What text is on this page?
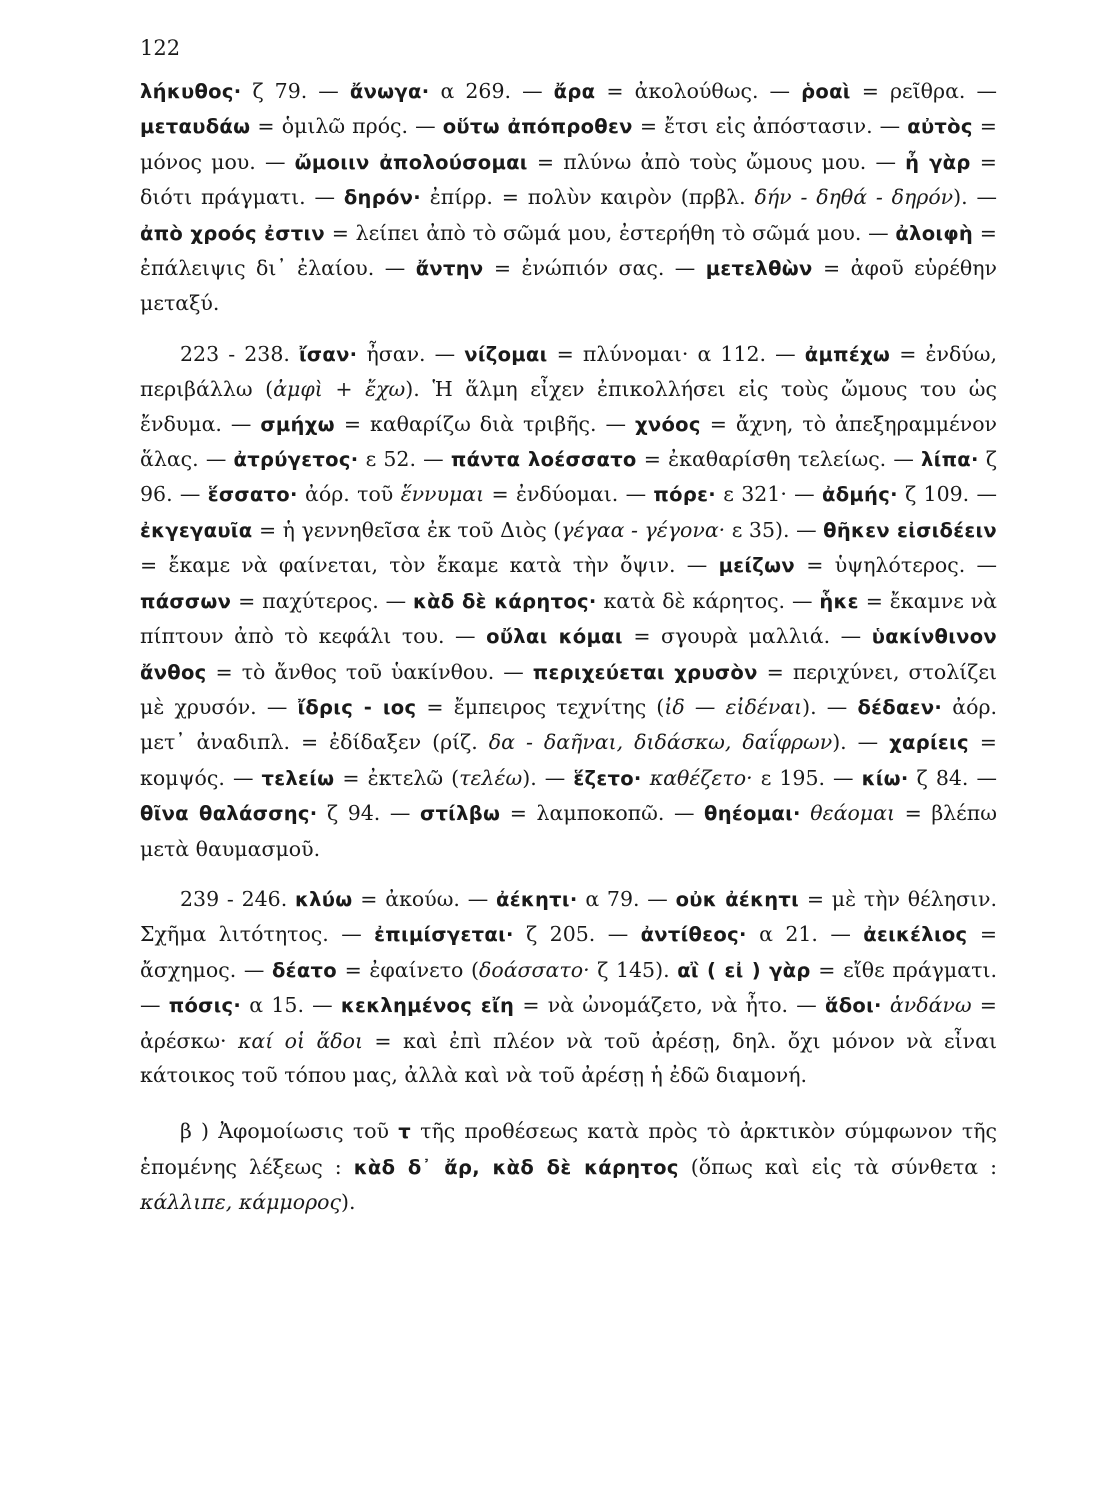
122

λήκυθος· ζ 79. — ἄνωγα· α 269. — ἄρα = ἀκολούθως. — ῥοαὶ = ρεῖθρα. — μεταυδάω = ὁμιλῶ πρός. — οὕτω ἀπόπροθεν = ἔτσι εἰς ἀπόστασιν. — αὐτὸς = μόνος μου. — ὤμοιιν ἀπολούσομαι = πλύνω ἀπὸ τοὺς ὤμους μου. — ἦ γὰρ = διότι πράγματι. — δηρόν· ἐπίρρ. = πολὺν καιρὸν (πρβλ. δήν - δηθά - δηρόν). — ἀπὸ χροός ἐστιν = λείπει ἀπὸ τὸ σῶμά μου, ἐστερήθη τὸ σῶμά μου. — ἀλοιφὴ = ἐπάλειψις δι᾽ ἐλαίου. — ἄντην = ἐνώπιόν σας. — μετελθὼν = ἀφοῦ εὑρέθην μεταξύ.

223 - 238. ἴσαν· ἦσαν. — νίζομαι = πλύνομαι· α 112. — ἀμπέχω = ἐνδύω, περιβάλλω (ἀμφὶ + ἔχω). Ἡ ἅλμη εἶχεν ἐπικολλήσει εἰς τοὺς ὤμους του ὡς ἔνδυμα. — σμήχω = καθαρίζω διὰ τριβῆς. — χνόος = ἄχνη, τὸ ἀπεξηραμμένον ἅλας. — ἀτρύγετος· ε 52. — πάντα λοέσσατο = ἐκαθαρίσθη τελείως. — λίπα· ζ 96. — ἕσσατο· ἀόρ. τοῦ ἕννυμαι = ἐνδύομαι. — πόρε· ε 321· — ἀδμής· ζ 109. — ἐκγεγαυῖα = ἡ γεννηθεῖσα ἐκ τοῦ Διὸς (γέγαα - γέγονα· ε 35). — θῆκεν εἰσιδέειν = ἔκαμε νὰ φαίνεται, τὸν ἔκαμε κατὰ τὴν ὄψιν. — μείζων = ὑψηλότερος. — πάσσων = παχύτερος. — κὰδ δὲ κάρητος· κατὰ δὲ κάρητος. — ἧκε = ἔκαμνε νὰ πίπτουν ἀπὸ τὸ κεφάλι του. — οὔλαι κόμαι = σγουρὰ μαλλιά. — ὑακίνθινον ἄνθος = τὸ ἄνθος τοῦ ὑακίνθου. — περιχεύεται χρυσὸν = περιχύνει, στολίζει μὲ χρυσόν. — ἴδρις - ιος = ἔμπειρος τεχνίτης (ἰδ — εἰδέναι). — δέδαεν· ἀόρ. μετ᾽ ἀναδιπλ. = ἐδίδαξεν (ρίζ. δα - δαῆναι, διδάσκω, δαΐφρων). — χαρίεις = κομψός. — τελείω = ἐκτελῶ (τελέω). — ἕζετο· καθέζετο· ε 195. — κίω· ζ 84. — θῖνα θαλάσσης· ζ 94. — στίλβω = λαμποκοπῶ. — θηέομαι· θεάομαι = βλέπω μετὰ θαυμασμοῦ.

239 - 246. κλύω = ἀκούω. — ἀέκητι· α 79. — οὐκ ἀέκητι = μὲ τὴν θέλησιν. Σχῆμα λιτότητος. — ἐπιμίσγεται· ζ 205. — ἀντίθεος· α 21. — ἀεικέλιος = ἄσχημος. — δέατο = ἐφαίνετο (δοάσσατο· ζ 145). αἲ ( εἰ ) γὰρ = εἴθε πράγματι. — πόσις· α 15. — κεκλημένος εἴη = νὰ ὠνομάζετο, νὰ ἦτο. — ἅδοι· ἁνδάνω = ἀρέσκω· καί οἱ ἅδοι = καὶ ἐπὶ πλέον νὰ τοῦ ἀρέσῃ, δηλ. ὄχι μόνον νὰ εἶναι κάτοικος τοῦ τόπου μας, ἀλλὰ καὶ νὰ τοῦ ἀρέσῃ ἡ ἐδῶ διαμονή.

β ) Ἀφομοίωσις τοῦ τ τῆς προθέσεως κατὰ πρὸς τὸ ἀρκτικὸν σύμφωνον τῆς ἑπομένης λέξεως : κὰδ δ᾽ ἄρ, κὰδ δὲ κάρητος (ὅπως καὶ εἰς τὰ σύνθετα : κάλλιπε, κάμμορος).
